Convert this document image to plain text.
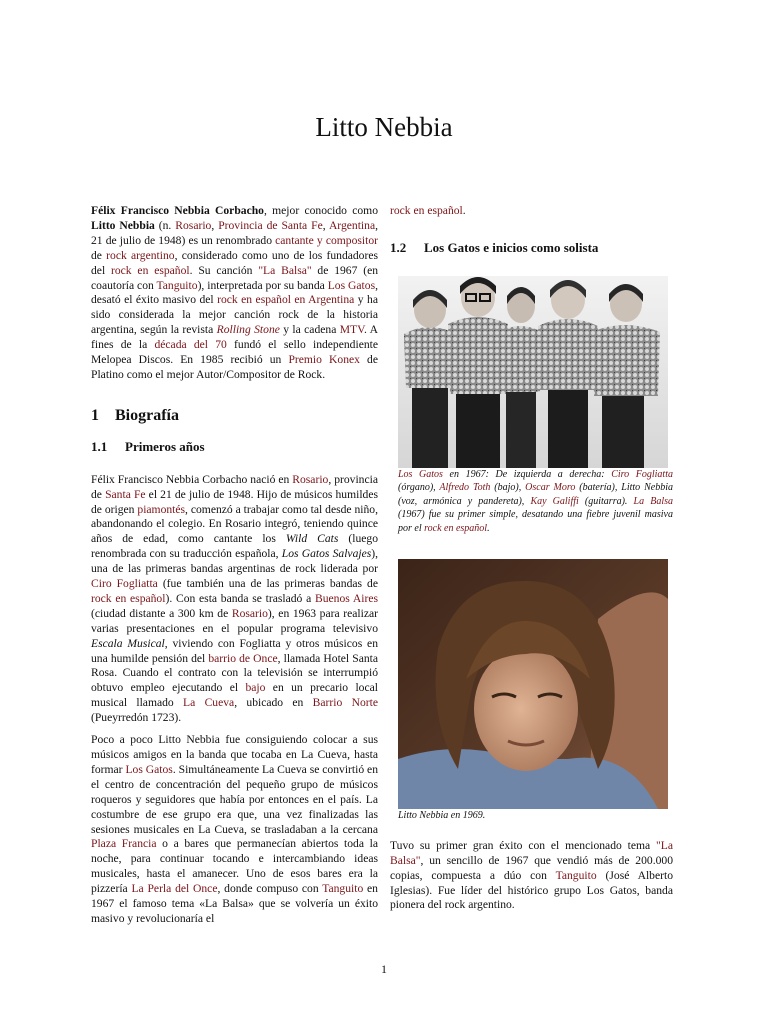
Litto Nebbia

Félix Francisco Nebbia Corbacho, mejor conocido como Litto Nebbia (n. Rosario, Provincia de Santa Fe, Argentina, 21 de julio de 1948) es un renombrado cantante y compositor de rock argentino, considerado como uno de los fundadores del rock en español. Su canción "La Balsa" de 1967 (en coautoría con Tanguito), interpretada por su banda Los Gatos, desató el éxito masivo del rock en español en Argentina y ha sido considerada la mejor canción rock de la historia argentina, según la revista Rolling Stone y la cadena MTV. A fines de la década del 70 fundó el sello independiente Melopea Discos. En 1985 recibió un Premio Konex de Platino como el mejor Autor/Compositor de Rock.

1 Biografía
1.1 Primeros años

Félix Francisco Nebbia Corbacho nació en Rosario, provincia de Santa Fe el 21 de julio de 1948. Hijo de músicos humildes de origen piamontés, comenzó a trabajar como tal desde niño, abandonando el colegio. En Rosario integró, teniendo quince años de edad, como cantante los Wild Cats (luego renombrada con su traducción española, Los Gatos Salvajes), una de las primeras bandas argentinas de rock liderada por Ciro Fogliatta (fue también una de las primeras bandas de rock en español). Con esta banda se trasladó a Buenos Aires (ciudad distante a 300 km de Rosario), en 1963 para realizar varias presentaciones en el popular programa televisivo Escala Musical, viviendo con Fogliatta y otros músicos en una humilde pensión del barrio de Once, llamada Hotel Santa Rosa. Cuando el contrato con la televisión se interrumpió obtuvo empleo ejecutando el bajo en un precario local musical llamado La Cueva, ubicado en Barrio Norte (Pueyrredón 1723).

Poco a poco Litto Nebbia fue consiguiendo colocar a sus músicos amigos en la banda que tocaba en La Cueva, hasta formar Los Gatos. Simultáneamente La Cueva se convirtió en el centro de concentración del pequeño grupo de músicos roqueros y seguidores que había por entonces en el país. La costumbre de ese grupo era que, una vez finalizadas las sesiones musicales en La Cueva, se trasladaban a la cercana Plaza Francia o a bares que permanecían abiertos toda la noche, para continuar tocando e intercambiando ideas musicales, hasta el amanecer. Uno de esos bares era la pizzería La Perla del Once, donde compuso con Tanguito en 1967 el famoso tema «La Balsa» que se volvería un éxito masivo y revolucionaría el

rock en español.

1.2 Los Gatos e inicios como solista

Los Gatos en 1967: De izquierda a derecha: Ciro Fogliatta (órgano), Alfredo Toth (bajo), Oscar Moro (batería), Litto Nebbia (voz, armónica y pandereta), Kay Galiffi (guitarra). La Balsa (1967) fue su primer simple, desatando una fiebre juvenil masiva por el rock en español.

Litto Nebbia en 1969.

Tuvo su primer gran éxito con el mencionado tema "La Balsa", un sencillo de 1967 que vendió más de 200.000 copias, compuesta a dúo con Tanguito (José Alberto Iglesias). Fue líder del histórico grupo Los Gatos, banda pionera del rock argentino.

1
